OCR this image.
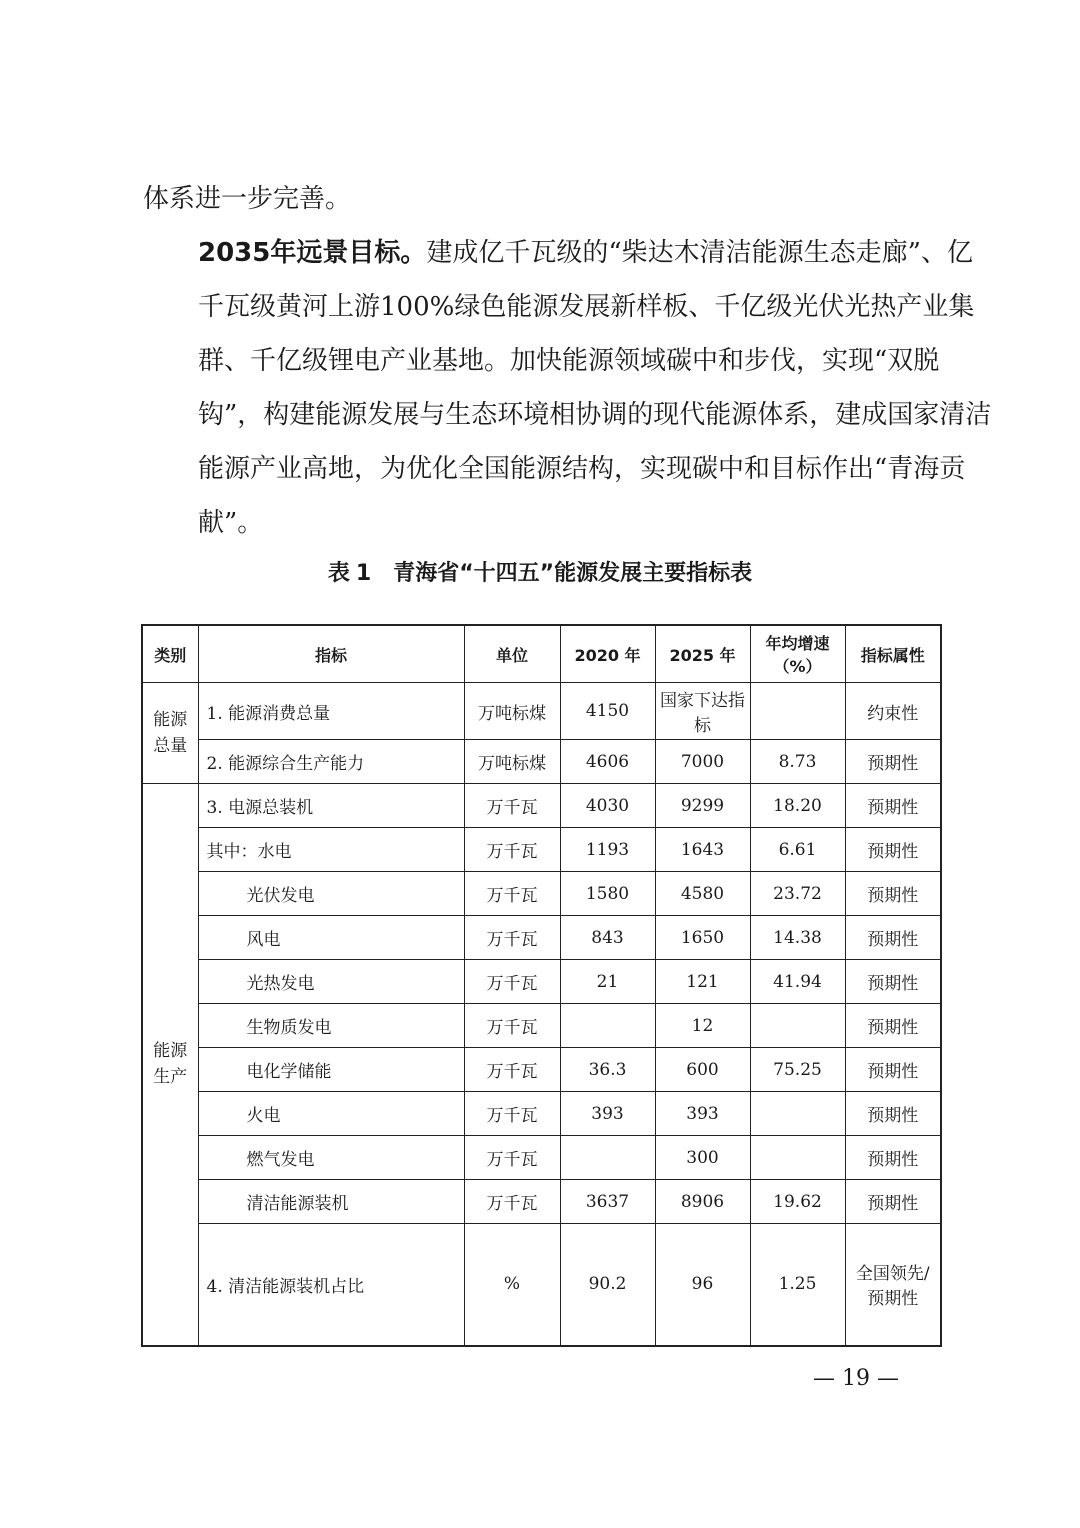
体系进一步完善。
2035年远景目标。建成亿千瓦级的“柴达木清洁能源生态走廊”、亿千瓦级黄河上游100%绿色能源发展新样板、千亿级光伏光热产业集群、千亿级锂电产业基地。加快能源领域碳中和步伐，实现“双脱钩”，构建能源发展与生态环境相协调的现代能源体系，建成国家清洁能源产业高地，为优化全国能源结构，实现碳中和目标作出“青海贡献”。
表 1 青海省“十四五”能源发展主要指标表
类别	指标	单位	2020 年	2025 年	年均增速（%）	指标属性
能源总量	1. 能源消费总量	万吨标煤	4150	国家下达指标		约束性
	2. 能源综合生产能力	万吨标煤	4606	7000	8.73	预期性
能源生产	3. 电源总装机	万千瓦	4030	9299	18.20	预期性
	其中：水电	万千瓦	1193	1643	6.61	预期性
	光伏发电	万千瓦	1580	4580	23.72	预期性
	风电	万千瓦	843	1650	14.38	预期性
	光热发电	万千瓦	21	121	41.94	预期性
	生物质发电	万千瓦		12		预期性
	电化学储能	万千瓦	36.3	600	75.25	预期性
	火电	万千瓦	393	393		预期性
	燃气发电	万千瓦		300		预期性
	清洁能源装机	万千瓦	3637	8906	19.62	预期性
	4. 清洁能源装机占比	%	90.2	96	1.25	全国领先/预期性
— 19 —
